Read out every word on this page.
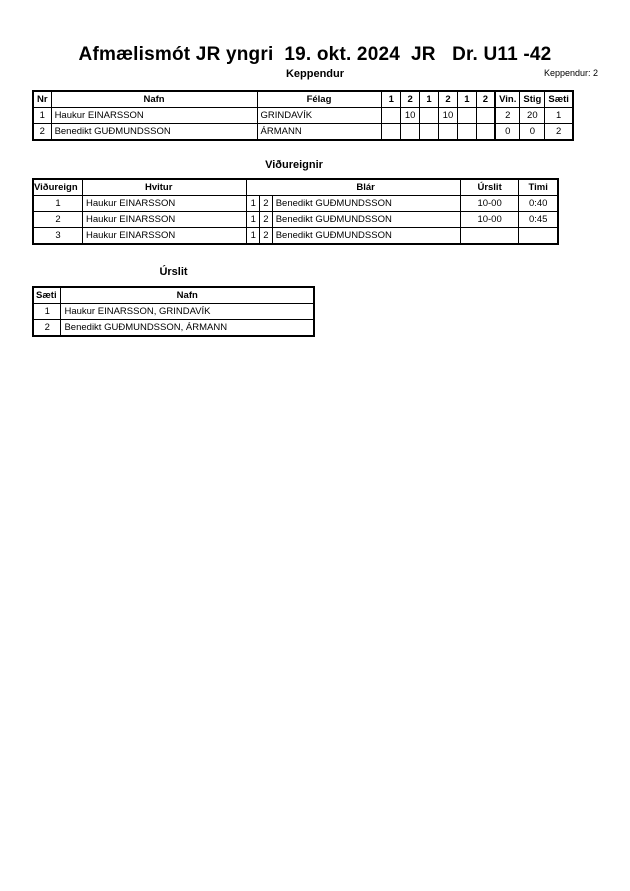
Afmælismót JR yngri  19. okt. 2024  JR   Dr. U11 -42
Keppendur	Keppendur: 2
Nr	Nafn	Félag	1	2	1	2	1	2	Vin.	Stig	Sæti
1	Haukur EINARSSON	GRINDAVÍK		10		10			2	20	1
2	Benedikt GUÐMUNDSSON	ÁRMANN							0	0	2
Viðureignir
Viðureign	Hvitur	Blár			Úrslit	Timi
1	Haukur EINARSSON	1	2	Benedikt GUÐMUNDSSON	10-00	0:40
2	Haukur EINARSSON	1	2	Benedikt GUÐMUNDSSON	10-00	0:45
3	Haukur EINARSSON	1	2	Benedikt GUÐMUNDSSON		
Úrslit
Sæti	Nafn
1	Haukur EINARSSON, GRINDAVÍK
2	Benedikt GUÐMUNDSSON, ÁRMANN
